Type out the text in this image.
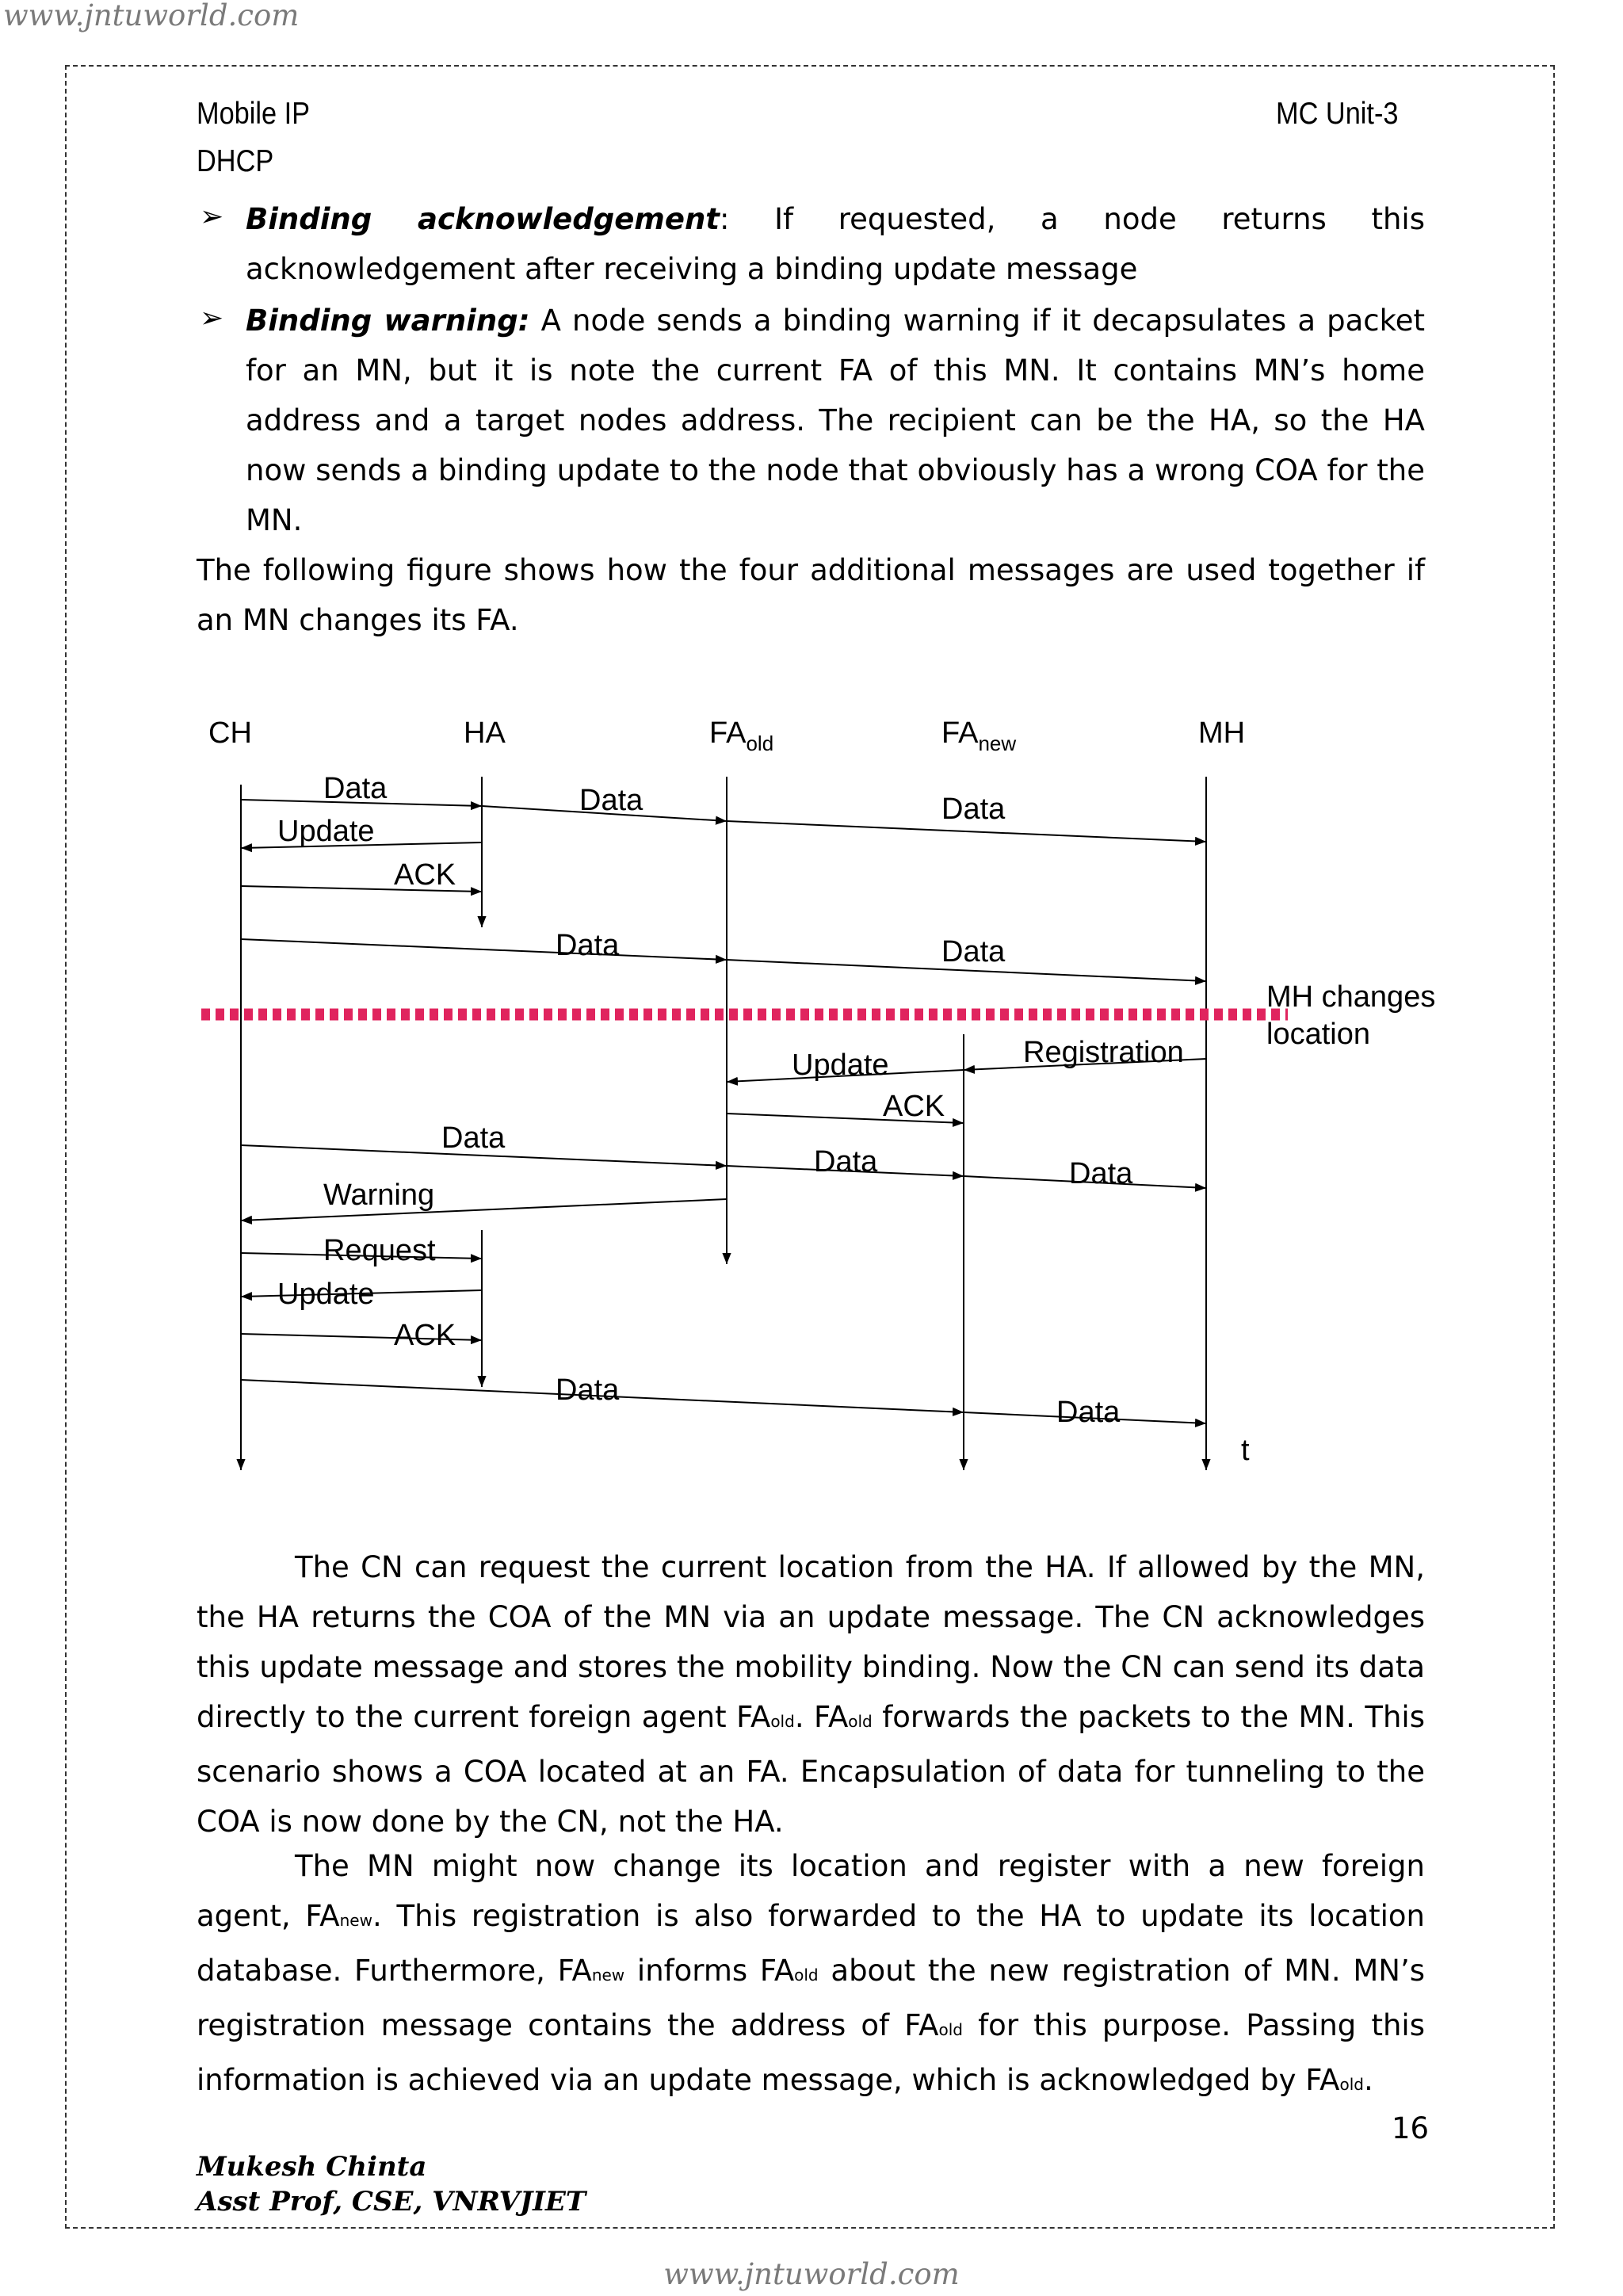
www.jntuworld.com
Mobile IP	MC Unit-3
DHCP
➢ Binding acknowledgement: If requested, a node returns this acknowledgement after receiving a binding update message
➢ Binding warning: A node sends a binding warning if it decapsulates a packet for an MN, but it is note the current FA of this MN. It contains MN’s home address and a target nodes address. The recipient can be the HA, so the HA now sends a binding update to the node that obviously has a wrong COA for the MN.
The following figure shows how the four additional messages are used together if an MN changes its FA.
CH	HA	$FA_{old}$	$FA_{new}$	MH
MH changes
location
t
Data	Data	Data
Update
ACK
Data	Data
Update	Registration
ACK
Data
Data	Data
Warning
Request
Update
ACK
Data
Data
The CN can request the current location from the HA. If allowed by the MN, the HA returns the COA of the MN via an update message. The CN acknowledges this update message and stores the mobility binding. Now the CN can send its data directly to the current foreign agent FAold. FAold forwards the packets to the MN. This scenario shows a COA located at an FA. Encapsulation of data for tunneling to the COA is now done by the CN, not the HA.
The MN might now change its location and register with a new foreign agent, FAnew. This registration is also forwarded to the HA to update its location database. Furthermore, FAnew informs FAold about the new registration of MN. MN’s registration message contains the address of FAold for this purpose. Passing this information is achieved via an update message, which is acknowledged by FAold.
16
Mukesh Chinta
Asst Prof, CSE, VNRVJIET
www.jntuworld.com
